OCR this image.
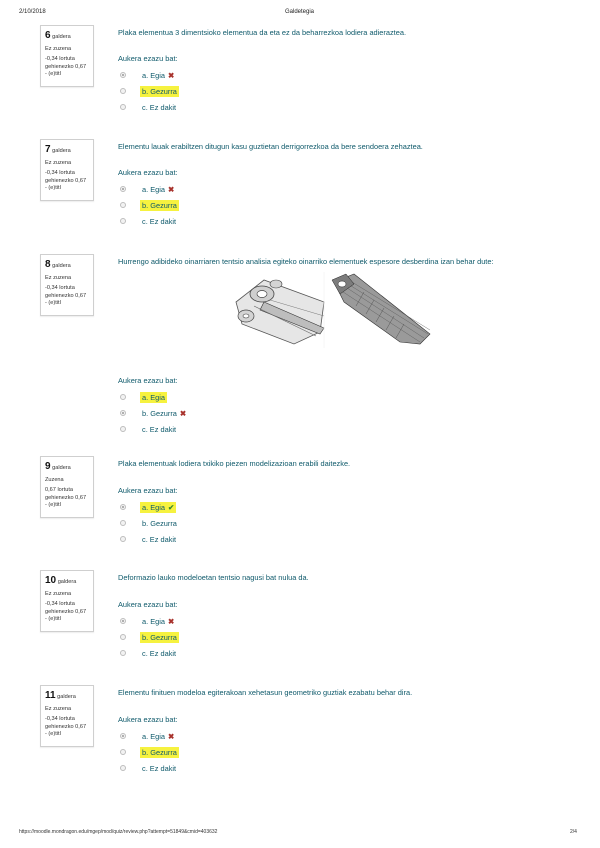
2/10/2018	Galdetegia
6 galdera
Ez zuzena
-0,34 lortuta gehienezko 0,67
- (e)titl
Plaka elementua 3 dimentsioko elementua da eta ez da beharrezkoa lodiera adieraztea.
Aukera ezazu bat:
a. Egia ✖
b. Gezurra
c. Ez dakit
7 galdera
Ez zuzena
-0,34 lortuta gehienezko 0,67
- (e)titl
Elementu lauak erabiltzen ditugun kasu guztietan derrigorrezkoa da bere sendoera zehaztea.
Aukera ezazu bat:
a. Egia ✖
b. Gezurra
c. Ez dakit
8 galdera
Ez zuzena
-0,34 lortuta gehienezko 0,67
- (e)titl
Hurrengo adibideko oinarriaren tentsio analisia egiteko oinarriko elementuek espesore desberdina izan behar dute:
Aukera ezazu bat:
a. Egia
b. Gezurra ✖
c. Ez dakit
9 galdera
Zuzena
0,67 lortuta gehienezko 0,67
- (e)titl
Plaka elementuak lodiera txikiko piezen modelizazioan erabili daitezke.
Aukera ezazu bat:
a. Egia ✔
b. Gezurra
c. Ez dakit
10 galdera
Ez zuzena
-0,34 lortuta gehienezko 0,67
- (e)titl
Deformazio lauko modeloetan tentsio nagusi bat nulua da.
Aukera ezazu bat:
a. Egia ✖
b. Gezurra
c. Ez dakit
11 galdera
Ez zuzena
-0,34 lortuta gehienezko 0,67
- (e)titl
Elementu finituen modeloa egiterakoan xehetasun geometriko guztiak ezabatu behar dira.
Aukera ezazu bat:
a. Egia ✖
b. Gezurra
c. Ez dakit
https://moodle.mondragon.edu/mgep/mod/quiz/review.php?attempt=51849&cmid=403632	2/4
